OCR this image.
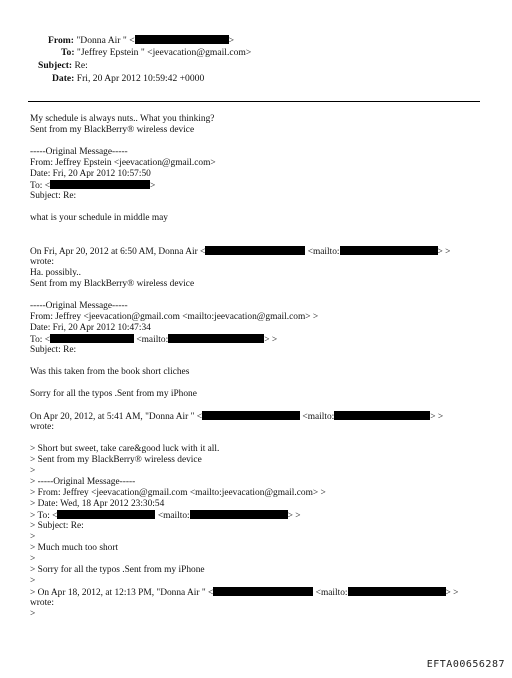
From: "Donna Air " <	>
To: "Jeffrey Epstein " <jeevacation@gmail.com>
Subject: Re:
Date: Fri, 20 Apr 2012 10:59:42 +0000
My schedule is always nuts.. What you thinking?
Sent from my BlackBerry® wireless device
-----Original Message-----
From: Jeffrey Epstein <jeevacation@gmail.com>
Date: Fri, 20 Apr 2012 10:57:50
To: <	>
Subject: Re:
what is your schedule in middle may
On Fri, Apr 20, 2012 at 6:50 AM, Donna Air <	<mailto:	> >
wrote:
Ha. possibly..
Sent from my BlackBerry® wireless device
-----Original Message-----
From: Jeffrey <jeevacation@gmail.com <mailto:jeevacation@gmail.com> >
Date: Fri, 20 Apr 2012 10:47:34
To: <	<mailto:	> >
Subject: Re:
Was this taken from the book short cliches
Sorry for all the typos .Sent from my iPhone
On Apr 20, 2012, at 5:41 AM, "Donna Air " <	<mailto:	> >
wrote:
> Short but sweet, take care&good luck with it all.
> Sent from my BlackBerry® wireless device
>
> -----Original Message-----
> From: Jeffrey <jeevacation@gmail.com <mailto:jeevacation@gmail.com> >
> Date: Wed, 18 Apr 2012 23:30:54
> To: <	<mailto:	> >
> Subject: Re:
>
> Much much too short
>
> Sorry for all the typos .Sent from my iPhone
>
> On Apr 18, 2012, at 12:13 PM, "Donna Air " <	<mailto:	> >
wrote:
>
EFTA00656287
